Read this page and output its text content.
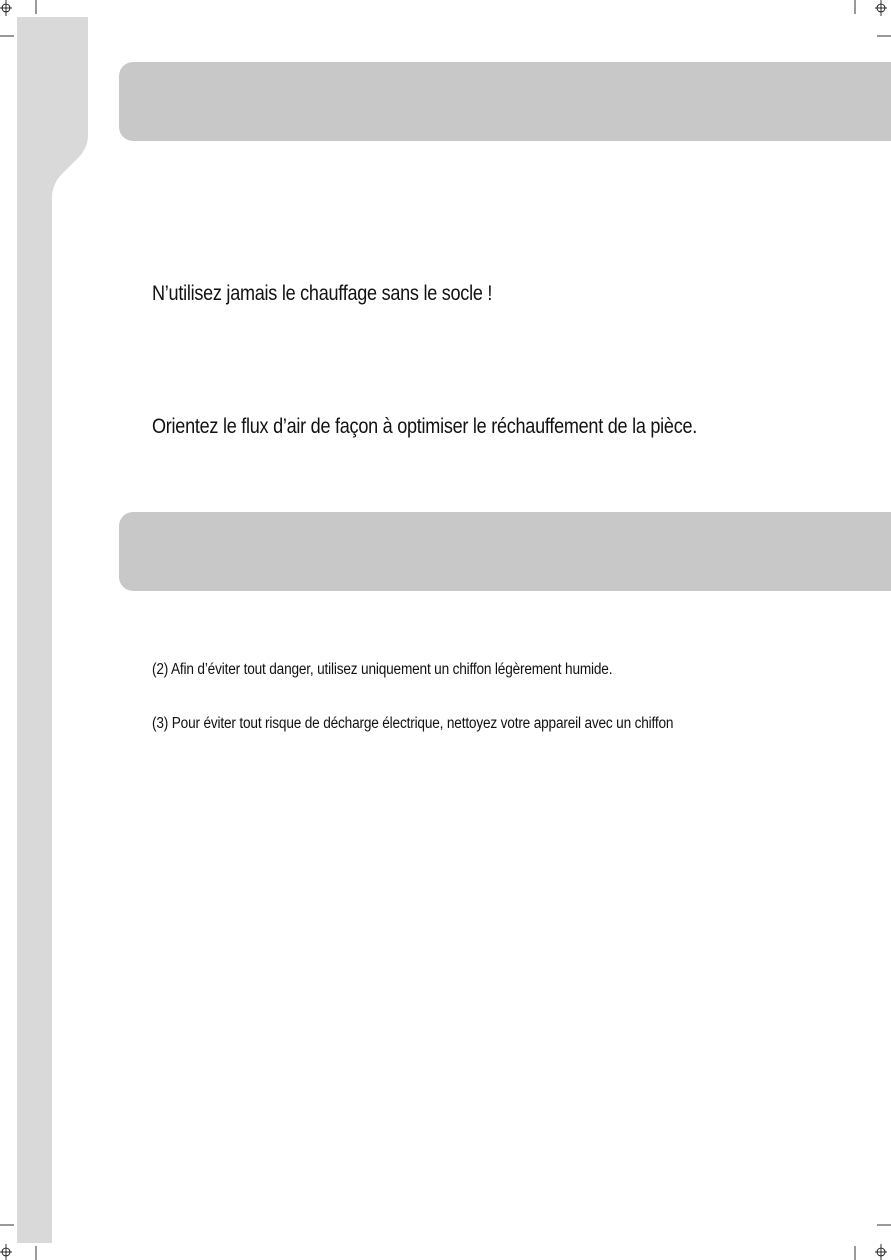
N’utilisez jamais le chauffage sans le socle !
Orientez le flux d’air de façon à optimiser le réchauffement de la pièce.
(2) Afin d’éviter tout danger, utilisez uniquement un chiffon légèrement humide.
(3) Pour éviter tout risque de décharge électrique, nettoyez votre appareil avec un chiffon
